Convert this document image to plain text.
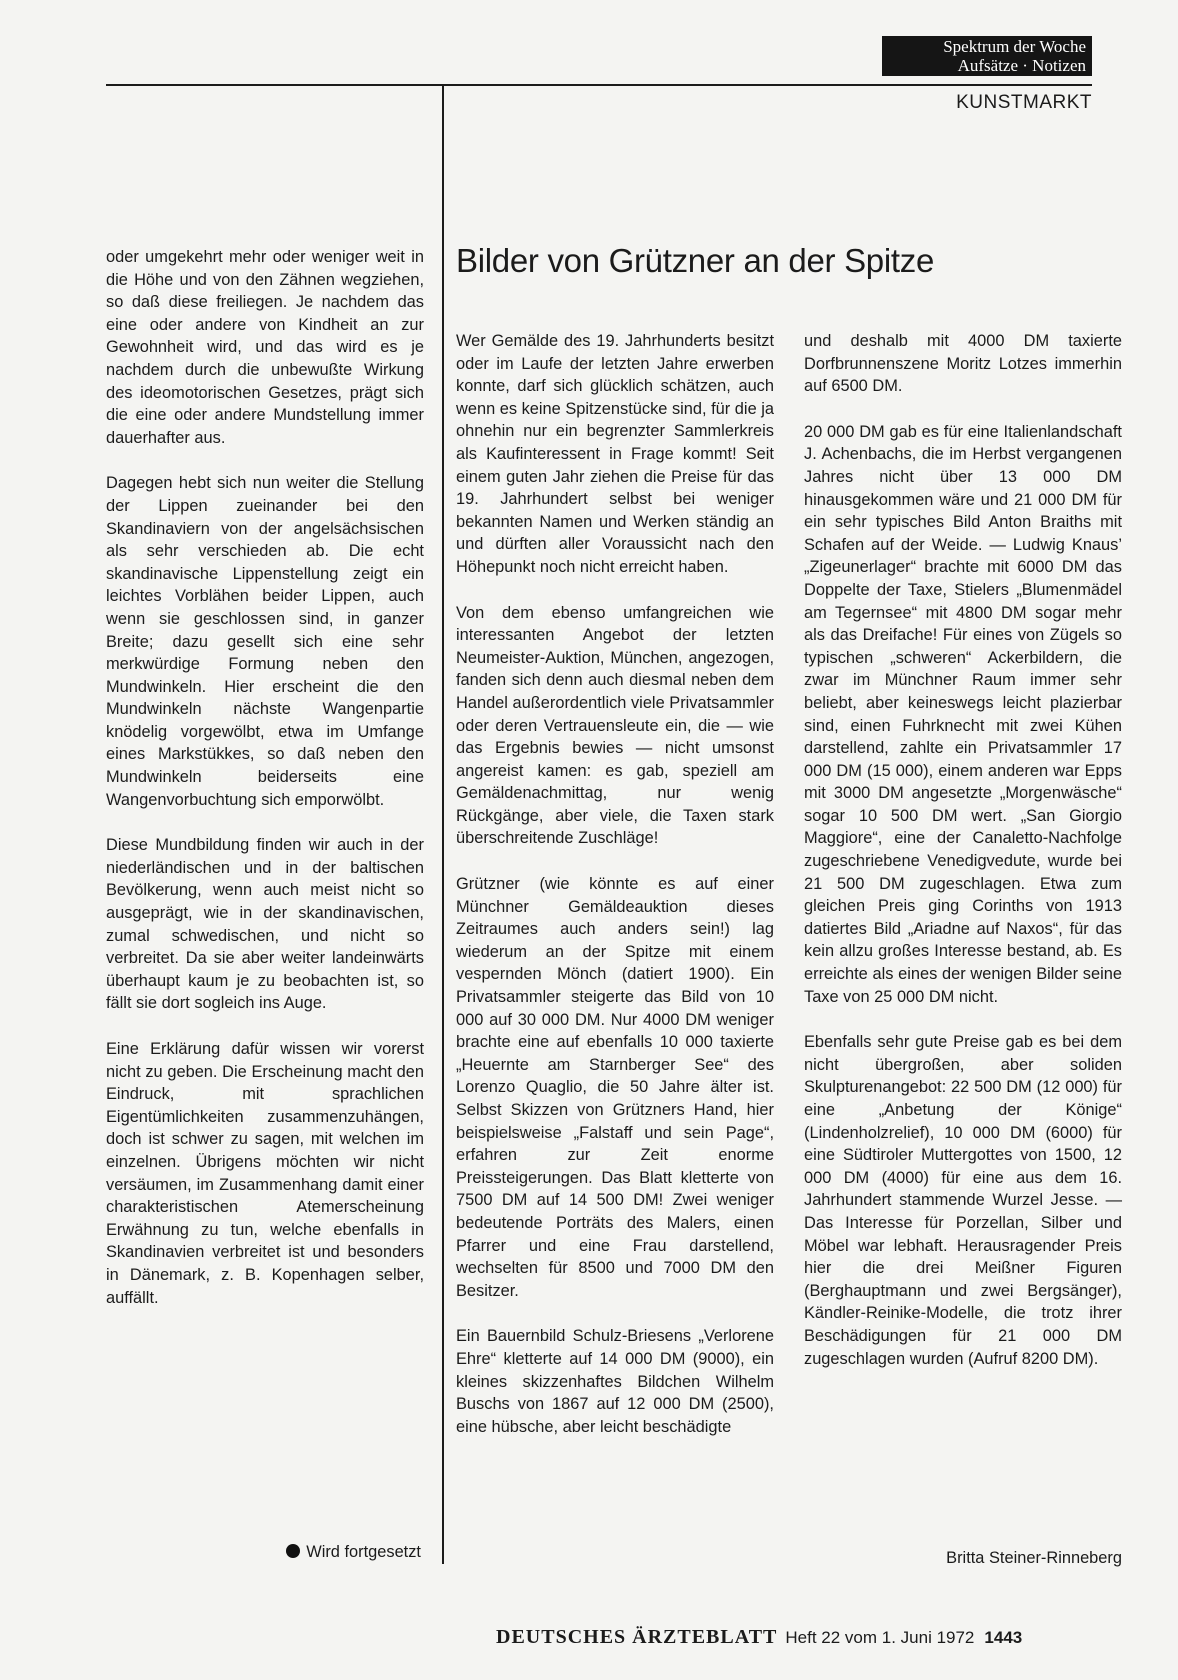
Spektrum der Woche
Aufsätze · Notizen
KUNSTMARKT

oder umgekehrt mehr oder weniger weit in die Höhe und von den Zähnen wegziehen, so daß diese freiliegen. Je nachdem das eine oder andere von Kindheit an zur Gewohnheit wird, und das wird es je nachdem durch die unbewußte Wirkung des ideomotorischen Gesetzes, prägt sich die eine oder andere Mundstellung immer dauerhafter aus.

Dagegen hebt sich nun weiter die Stellung der Lippen zueinander bei den Skandinaviern von der angelsächsischen als sehr verschieden ab. Die echt skandinavische Lippenstellung zeigt ein leichtes Vorblähen beider Lippen, auch wenn sie geschlossen sind, in ganzer Breite; dazu gesellt sich eine sehr merkwürdige Formung neben den Mundwinkeln. Hier erscheint die den Mundwinkeln nächste Wangenpartie knödelig vorgewölbt, etwa im Umfange eines Markstükkes, so daß neben den Mundwinkeln beiderseits eine Wangenvorbuchtung sich emporwölbt.

Diese Mundbildung finden wir auch in der niederländischen und in der baltischen Bevölkerung, wenn auch meist nicht so ausgeprägt, wie in der skandinavischen, zumal schwedischen, und nicht so verbreitet. Da sie aber weiter landeinwärts überhaupt kaum je zu beobachten ist, so fällt sie dort sogleich ins Auge.

Eine Erklärung dafür wissen wir vorerst nicht zu geben. Die Erscheinung macht den Eindruck, mit sprachlichen Eigentümlichkeiten zusammenzuhängen, doch ist schwer zu sagen, mit welchen im einzelnen. Übrigens möchten wir nicht versäumen, im Zusammenhang damit einer charakteristischen Atemerscheinung Erwähnung zu tun, welche ebenfalls in Skandinavien verbreitet ist und besonders in Dänemark, z. B. Kopenhagen selber, auffällt.

Wird fortgesetzt
Bilder von Grützner an der Spitze

Wer Gemälde des 19. Jahrhunderts besitzt oder im Laufe der letzten Jahre erwerben konnte, darf sich glücklich schätzen, auch wenn es keine Spitzenstücke sind, für die ja ohnehin nur ein begrenzter Sammlerkreis als Kaufinteressent in Frage kommt! Seit einem guten Jahr ziehen die Preise für das 19. Jahrhundert selbst bei weniger bekannten Namen und Werken ständig an und dürften aller Voraussicht nach den Höhepunkt noch nicht erreicht haben.

Von dem ebenso umfangreichen wie interessanten Angebot der letzten Neumeister-Auktion, München, angezogen, fanden sich denn auch diesmal neben dem Handel außerordentlich viele Privatsammler oder deren Vertrauensleute ein, die — wie das Ergebnis bewies — nicht umsonst angereist kamen: es gab, speziell am Gemäldenachmittag, nur wenig Rückgänge, aber viele, die Taxen stark überschreitende Zuschläge!

Grützner (wie könnte es auf einer Münchner Gemäldeauktion dieses Zeitraumes auch anders sein!) lag wiederum an der Spitze mit einem vespernden Mönch (datiert 1900). Ein Privatsammler steigerte das Bild von 10 000 auf 30 000 DM. Nur 4000 DM weniger brachte eine auf ebenfalls 10 000 taxierte „Heuernte am Starnberger See“ des Lorenzo Quaglio, die 50 Jahre älter ist. Selbst Skizzen von Grützners Hand, hier beispielsweise „Falstaff und sein Page“, erfahren zur Zeit enorme Preissteigerungen. Das Blatt kletterte von 7500 DM auf 14 500 DM! Zwei weniger bedeutende Porträts des Malers, einen Pfarrer und eine Frau darstellend, wechselten für 8500 und 7000 DM den Besitzer.

Ein Bauernbild Schulz-Briesens „Verlorene Ehre“ kletterte auf 14 000 DM (9000), ein kleines skizzenhaftes Bildchen Wilhelm Buschs von 1867 auf 12 000 DM (2500), eine hübsche, aber leicht beschädigte

und deshalb mit 4000 DM taxierte Dorfbrunnenszene Moritz Lotzes immerhin auf 6500 DM.

20 000 DM gab es für eine Italienlandschaft J. Achenbachs, die im Herbst vergangenen Jahres nicht über 13 000 DM hinausgekommen wäre und 21 000 DM für ein sehr typisches Bild Anton Braiths mit Schafen auf der Weide. — Ludwig Knaus’ „Zigeunerlager“ brachte mit 6000 DM das Doppelte der Taxe, Stielers „Blumenmädel am Tegernsee“ mit 4800 DM sogar mehr als das Dreifache! Für eines von Zügels so typischen „schweren“ Ackerbildern, die zwar im Münchner Raum immer sehr beliebt, aber keineswegs leicht plazierbar sind, einen Fuhrknecht mit zwei Kühen darstellend, zahlte ein Privatsammler 17 000 DM (15 000), einem anderen war Epps mit 3000 DM angesetzte „Morgenwäsche“ sogar 10 500 DM wert. „San Giorgio Maggiore“, eine der Canaletto-Nachfolge zugeschriebene Venedigvedute, wurde bei 21 500 DM zugeschlagen. Etwa zum gleichen Preis ging Corinths von 1913 datiertes Bild „Ariadne auf Naxos“, für das kein allzu großes Interesse bestand, ab. Es erreichte als eines der wenigen Bilder seine Taxe von 25 000 DM nicht.

Ebenfalls sehr gute Preise gab es bei dem nicht übergroßen, aber soliden Skulpturenangebot: 22 500 DM (12 000) für eine „Anbetung der Könige“ (Lindenholzrelief), 10 000 DM (6000) für eine Südtiroler Muttergottes von 1500, 12 000 DM (4000) für eine aus dem 16. Jahrhundert stammende Wurzel Jesse. — Das Interesse für Porzellan, Silber und Möbel war lebhaft. Herausragender Preis hier die drei Meißner Figuren (Berghauptmann und zwei Bergsänger), Kändler-Reinike-Modelle, die trotz ihrer Beschädigungen für 21 000 DM zugeschlagen wurden (Aufruf 8200 DM).

Britta Steiner-Rinneberg
DEUTSCHES ÄRZTEBLATT Heft 22 vom 1. Juni 1972 1443
